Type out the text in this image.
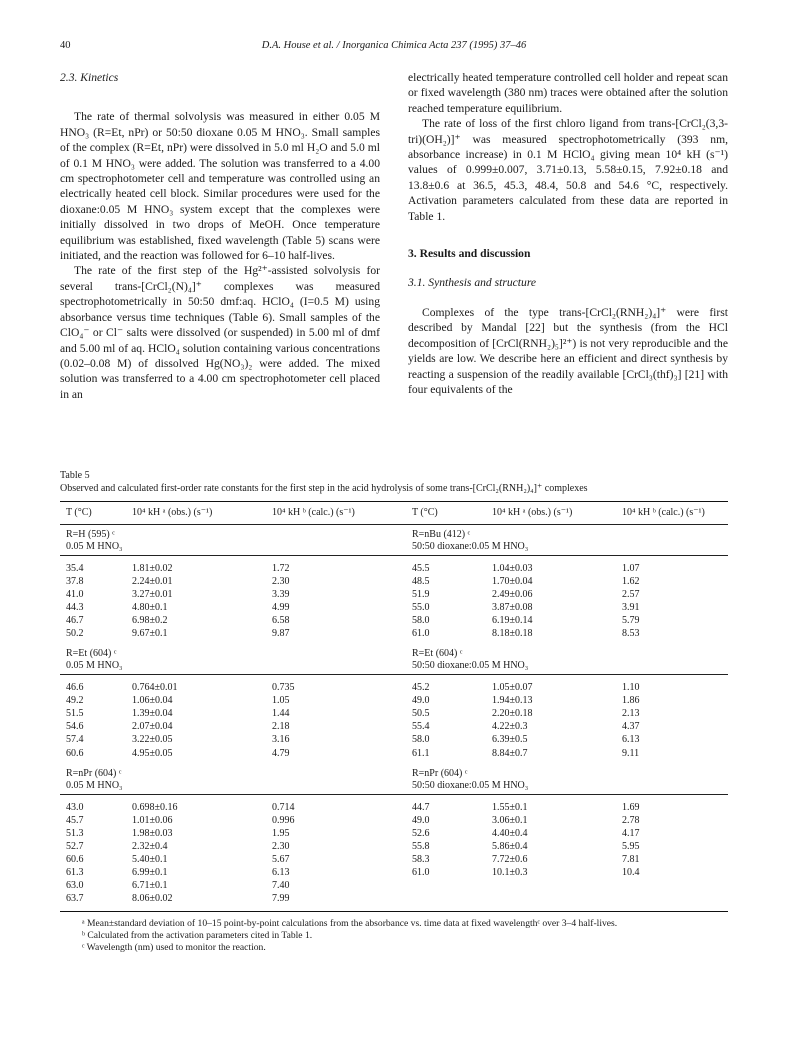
40	D.A. House et al. / Inorganica Chimica Acta 237 (1995) 37–46
2.3. Kinetics

The rate of thermal solvolysis was measured in either 0.05 M HNO₃ (R=Et, nPr) or 50:50 dioxane 0.05 M HNO₃. Small samples of the complex (R=Et, nPr) were dissolved in 5.0 ml H₂O and 5.0 ml of 0.1 M HNO₃ were added. The solution was transferred to a 4.00 cm spectrophotometer cell and temperature was controlled using an electrically heated cell block. Similar procedures were used for the dioxane:0.05 M HNO₃ system except that the complexes were initially dissolved in two drops of MeOH. Once temperature equilibrium was established, fixed wavelength (Table 5) scans were initiated, and the reaction was followed for 6–10 half-lives.

The rate of the first step of the Hg²⁺-assisted solvolysis for several trans-[CrCl₂(N)₄]⁺ complexes was measured spectrophotometrically in 50:50 dmf:aq. HClO₄ (I=0.5 M) using absorbance versus time techniques (Table 6). Small samples of the ClO₄⁻ or Cl⁻ salts were dissolved (or suspended) in 5.00 ml of dmf and 5.00 ml of aq. HClO₄ solution containing various concentrations (0.02–0.08 M) of dissolved Hg(NO₃)₂ were added. The mixed solution was transferred to a 4.00 cm spectrophotometer cell placed in an

electrically heated temperature controlled cell holder and repeat scan or fixed wavelength (380 nm) traces were obtained after the solution reached temperature equilibrium.

The rate of loss of the first chloro ligand from trans-[CrCl₂(3,3-tri)(OH₂)]⁺ was measured spectrophotometrically (393 nm, absorbance increase) in 0.1 M HClO₄ giving mean 10⁴ kH (s⁻¹) values of 0.999±0.007, 3.71±0.13, 5.58±0.15, 7.92±0.18 and 13.8±0.6 at 36.5, 45.3, 48.4, 50.8 and 54.6 °C, respectively. Activation parameters calculated from these data are reported in Table 1.

3. Results and discussion
3.1. Synthesis and structure

Complexes of the type trans-[CrCl₂(RNH₂)₄]⁺ were first described by Mandal [22] but the synthesis (from the HCl decomposition of [CrCl(RNH₂)₅]²⁺) is not very reproducible and the yields are low. We describe here an efficient and direct synthesis by reacting a suspension of the readily available [CrCl₃(thf)₃] [21] with four equivalents of the

Table 5
Observed and calculated first-order rate constants for the first step in the acid hydrolysis of some trans-[CrCl₂(RNH₂)₄]⁺ complexes
T (°C)	10⁴ kH ᵃ (obs.) (s⁻¹)	10⁴ kH ᵇ (calc.) (s⁻¹)	T (°C)	10⁴ kH ᵃ (obs.) (s⁻¹)	10⁴ kH ᵇ (calc.) (s⁻¹)
R=H (595) ᶜ
0.05 M HNO₃
R=nBu (412) ᶜ
50:50 dioxane:0.05 M HNO₃
35.4	1.81±0.02	1.72	45.5	1.04±0.03	1.07
37.8	2.24±0.01	2.30	48.5	1.70±0.04	1.62
41.0	3.27±0.01	3.39	51.9	2.49±0.06	2.57
44.3	4.80±0.1	4.99	55.0	3.87±0.08	3.91
46.7	6.98±0.2	6.58	58.0	6.19±0.14	5.79
50.2	9.67±0.1	9.87	61.0	8.18±0.18	8.53
R=Et (604) ᶜ
0.05 M HNO₃
R=Et (604) ᶜ
50:50 dioxane:0.05 M HNO₃
46.6	0.764±0.01	0.735	45.2	1.05±0.07	1.10
49.2	1.06±0.04	1.05	49.0	1.94±0.13	1.86
51.5	1.39±0.04	1.44	50.5	2.20±0.18	2.13
54.6	2.07±0.04	2.18	55.4	4.22±0.3	4.37
57.4	3.22±0.05	3.16	58.0	6.39±0.5	6.13
60.6	4.95±0.05	4.79	61.1	8.84±0.7	9.11
R=nPr (604) ᶜ
0.05 M HNO₃
R=nPr (604) ᶜ
50:50 dioxane:0.05 M HNO₃
43.0	0.698±0.16	0.714	44.7	1.55±0.1	1.69
45.7	1.01±0.06	0.996	49.0	3.06±0.1	2.78
51.3	1.98±0.03	1.95	52.6	4.40±0.4	4.17
52.7	2.32±0.4	2.30	55.8	5.86±0.4	5.95
60.6	5.40±0.1	5.67	58.3	7.72±0.6	7.81
61.3	6.99±0.1	6.13	61.0	10.1±0.3	10.4
63.0	6.71±0.1	7.40
63.7	8.06±0.02	7.99
ᵃ Mean±standard deviation of 10–15 point-by-point calculations from the absorbance vs. time data at fixed wavelengthᶜ over 3–4 half-lives.
ᵇ Calculated from the activation parameters cited in Table 1.
ᶜ Wavelength (nm) used to monitor the reaction.
